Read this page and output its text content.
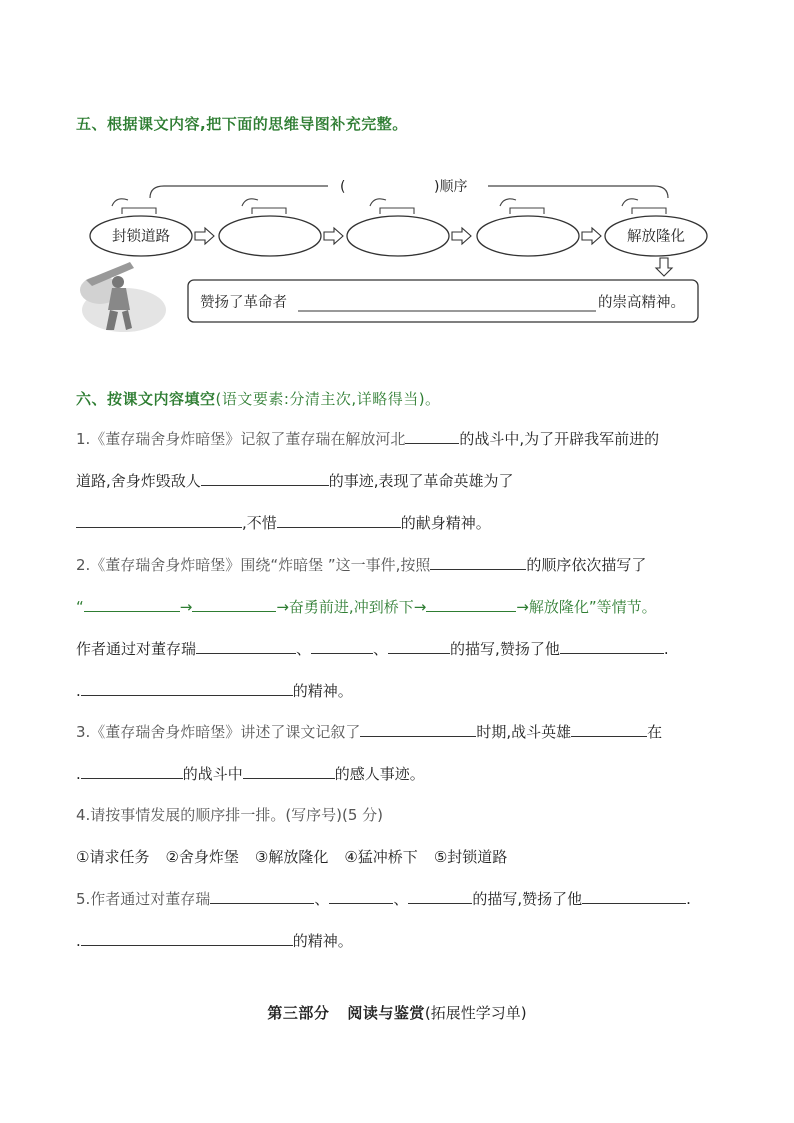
五、根据课文内容,把下面的思维导图补充完整。
(	)顺序
封锁道路	解放隆化
赞扬了革命者	的崇高精神。
六、按课文内容填空(语文要素:分清主次,详略得当)。
1.《董存瑞舍身炸暗堡》记叙了董存瑞在解放河北	的战斗中,为了开辟我军前进的
道路,舍身炸毁敌人	的事迹,表现了革命英雄为了
,不惜	的献身精神。
2.《董存瑞舍身炸暗堡》围绕“炸暗堡 ”这一事件,按照	的顺序依次描写了
“	→	→奋勇前进,冲到桥下→	→解放隆化”等情节。
作者通过对董存瑞	、	、	的描写,赞扬了他	.
.	的精神。
3.《董存瑞舍身炸暗堡》讲述了课文记叙了	时期,战斗英雄	在
.	的战斗中	的感人事迹。
4.请按事情发展的顺序排一排。(写序号)(5 分)
①请求任务 ②舍身炸堡 ③解放隆化 ④猛冲桥下 ⑤封锁道路
5.作者通过对董存瑞	、	、	的描写,赞扬了他	.
.	的精神。
第三部分 阅读与鉴赏(拓展性学习单)
